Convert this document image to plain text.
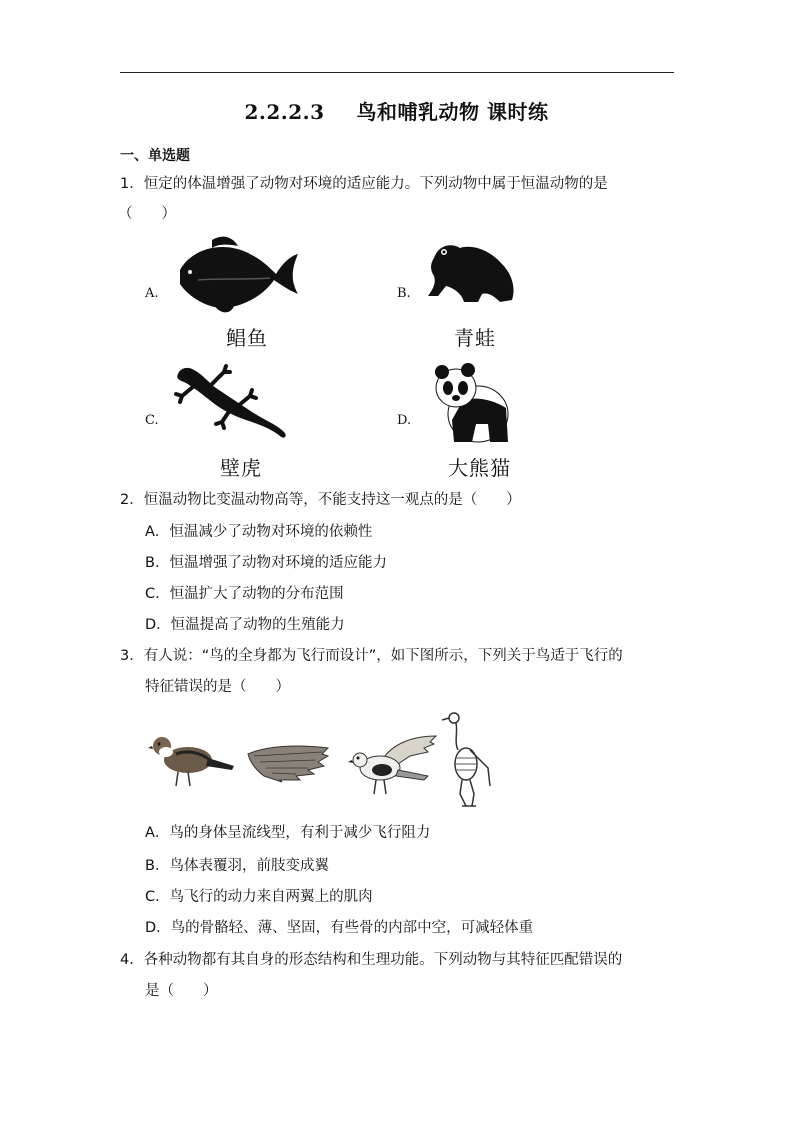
2.2.2.3 鸟和哺乳动物 课时练
一、单选题
1．恒定的体温增强了动物对环境的适应能力。下列动物中属于恒温动物的是
（　　）
A.
鲳鱼
B.
青蛙
C.
壁虎
D.
大熊猫
2．恒温动物比变温动物高等，不能支持这一观点的是（　　）
A．恒温减少了动物对环境的依赖性
B．恒温增强了动物对环境的适应能力
C．恒温扩大了动物的分布范围
D．恒温提高了动物的生殖能力
3．有人说：“鸟的全身都为飞行而设计”，如下图所示，下列关于鸟适于飞行的
特征错误的是（　　）
A．鸟的身体呈流线型，有利于减少飞行阻力
B．鸟体表覆羽，前肢变成翼
C．鸟飞行的动力来自两翼上的肌肉
D．鸟的骨骼轻、薄、坚固，有些骨的内部中空，可减轻体重
4．各种动物都有其自身的形态结构和生理功能。下列动物与其特征匹配错误的
是（　　）
